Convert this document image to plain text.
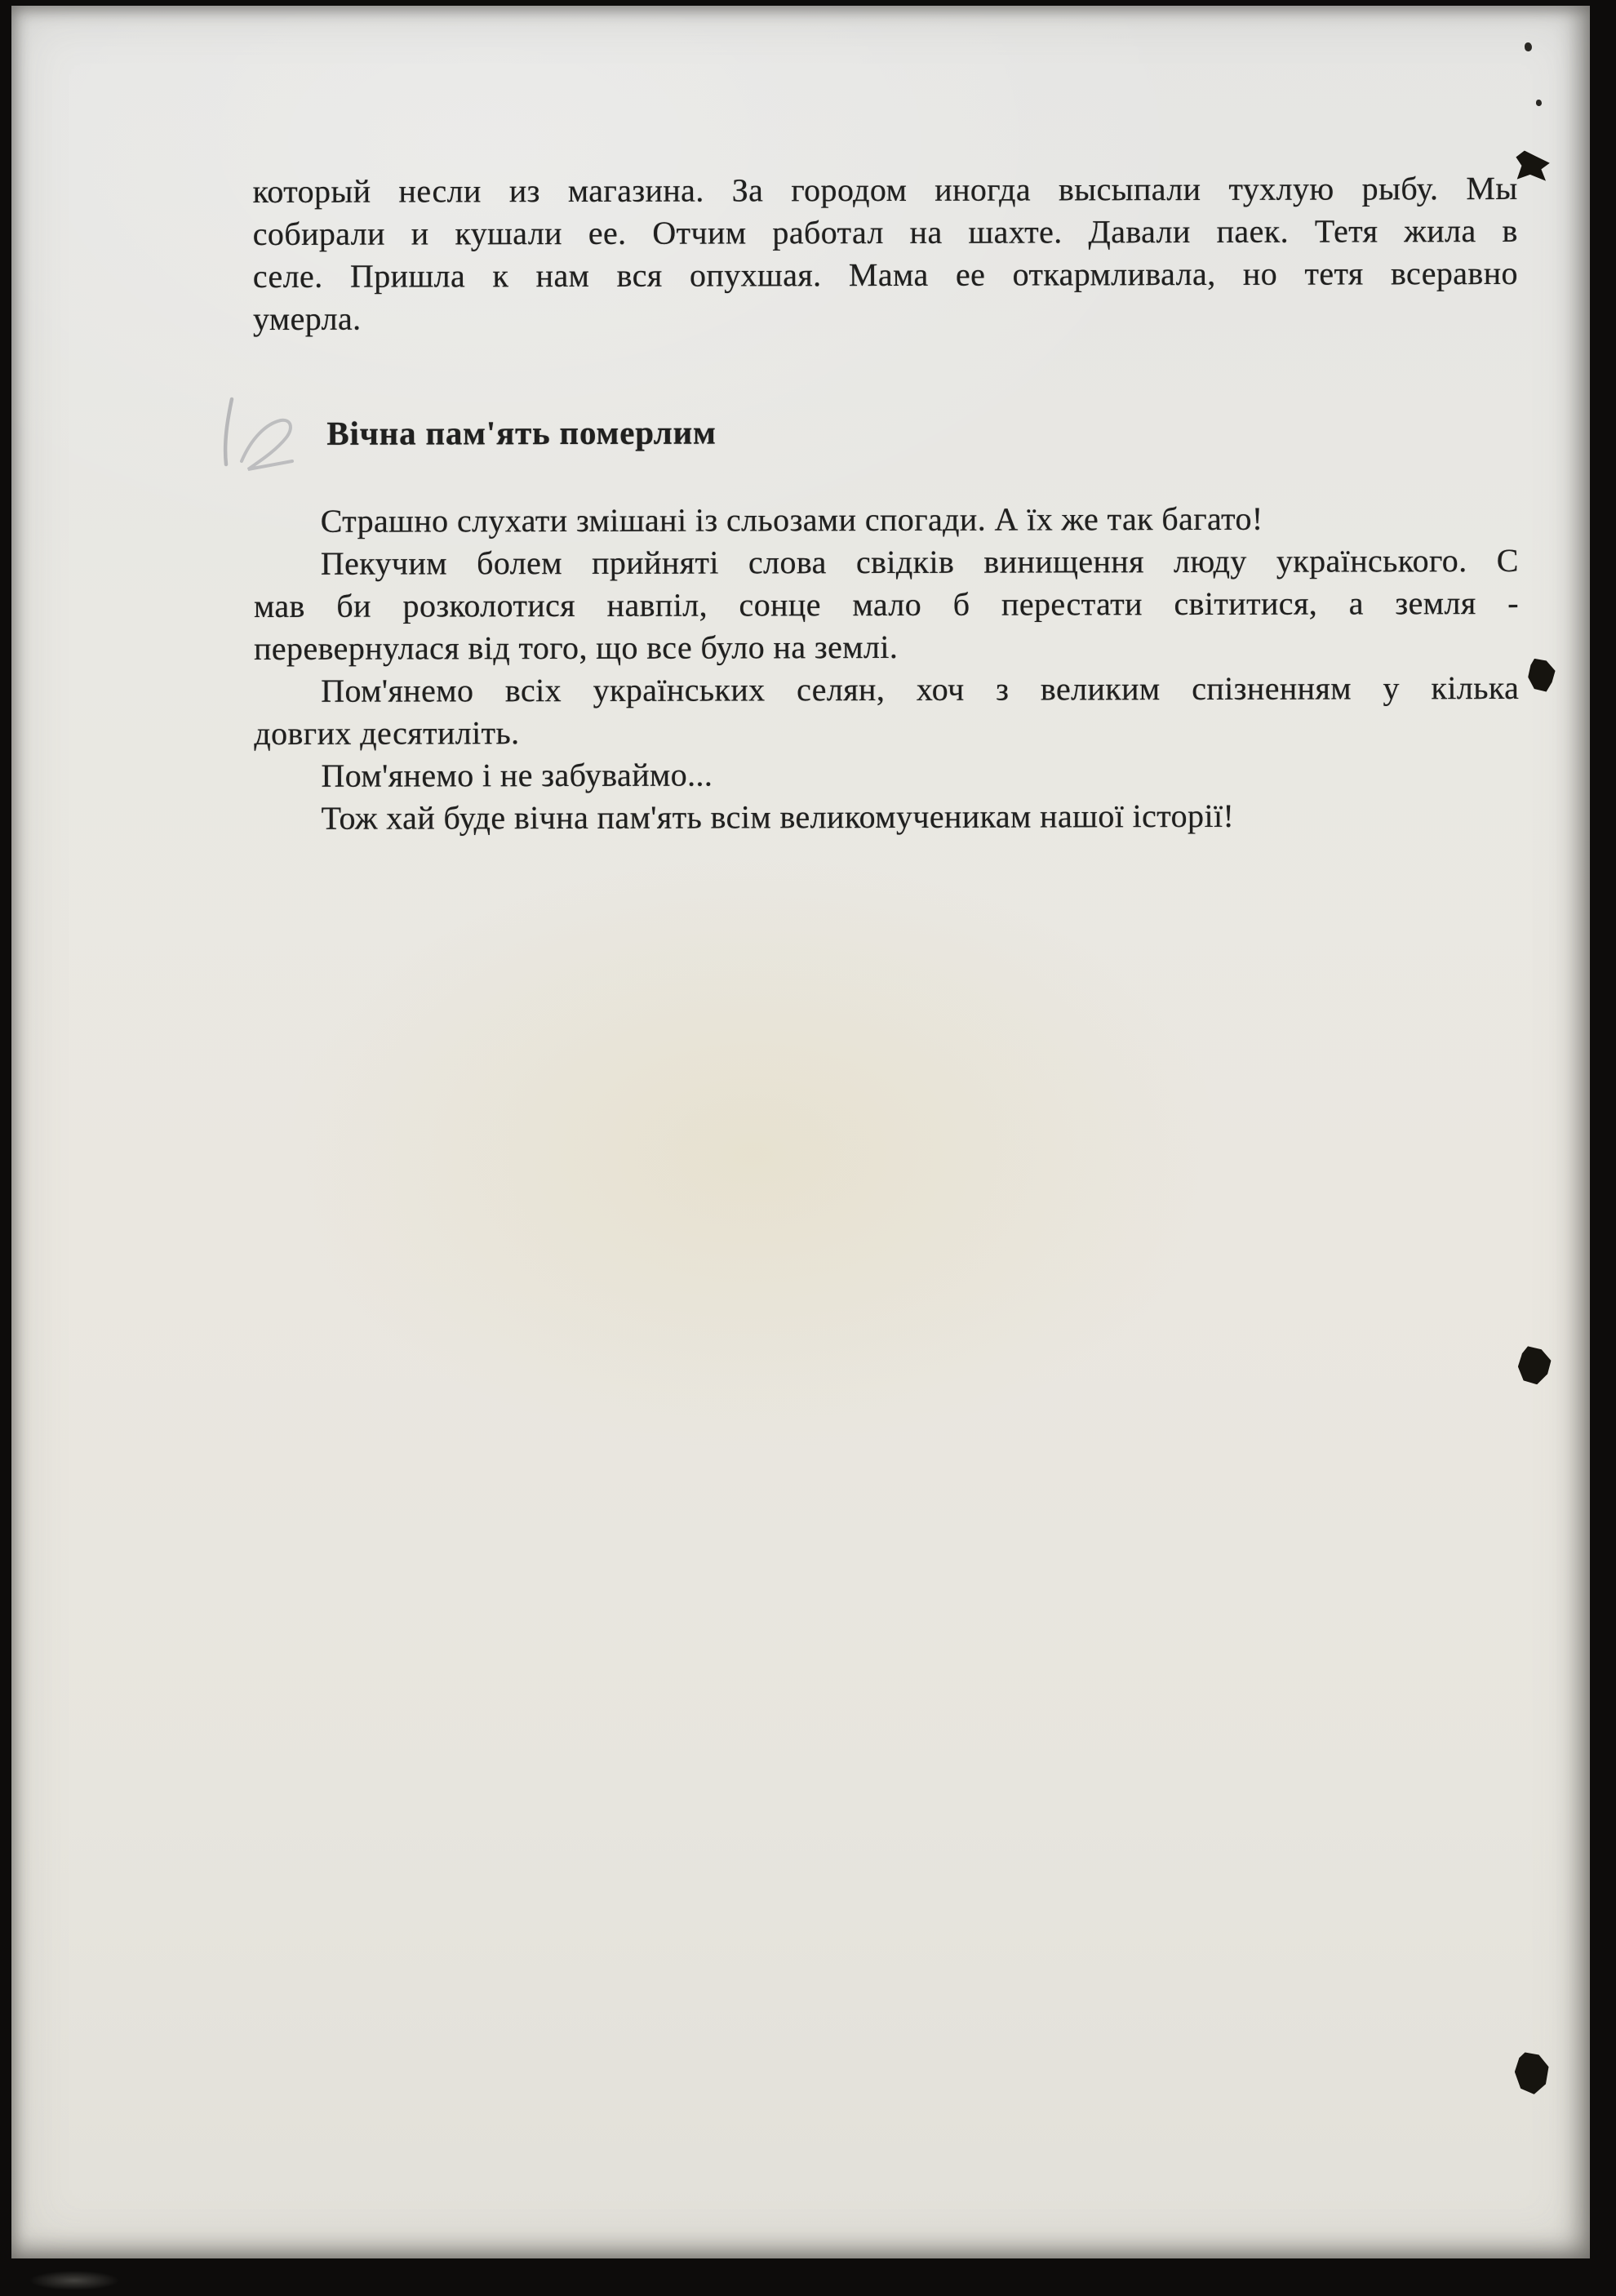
который несли из магазина. За городом иногда высыпали тухлую рыбу. Мы
собирали и кушали ее. Отчим работал на шахте. Давали паек. Тетя жила в
селе. Пришла к нам вся опухшая. Мама ее откармливала, но тетя всеравно
умерла.
Вічна пам'ять померлим
Страшно слухати змішані із сльозами спогади. А їх же так багато!
Пекучим болем прийняті слова свідків винищення люду українського. С
мав би розколотися навпіл, сонце мало б перестати світитися, а земля -
перевернулася від того, що все було на землі.
Пом'янемо всіх українських селян, хоч з великим спізненням у кілька
довгих десятиліть.
Пом'янемо і не забуваймо...
Тож хай буде вічна пам'ять всім великомученикам нашої історії!
